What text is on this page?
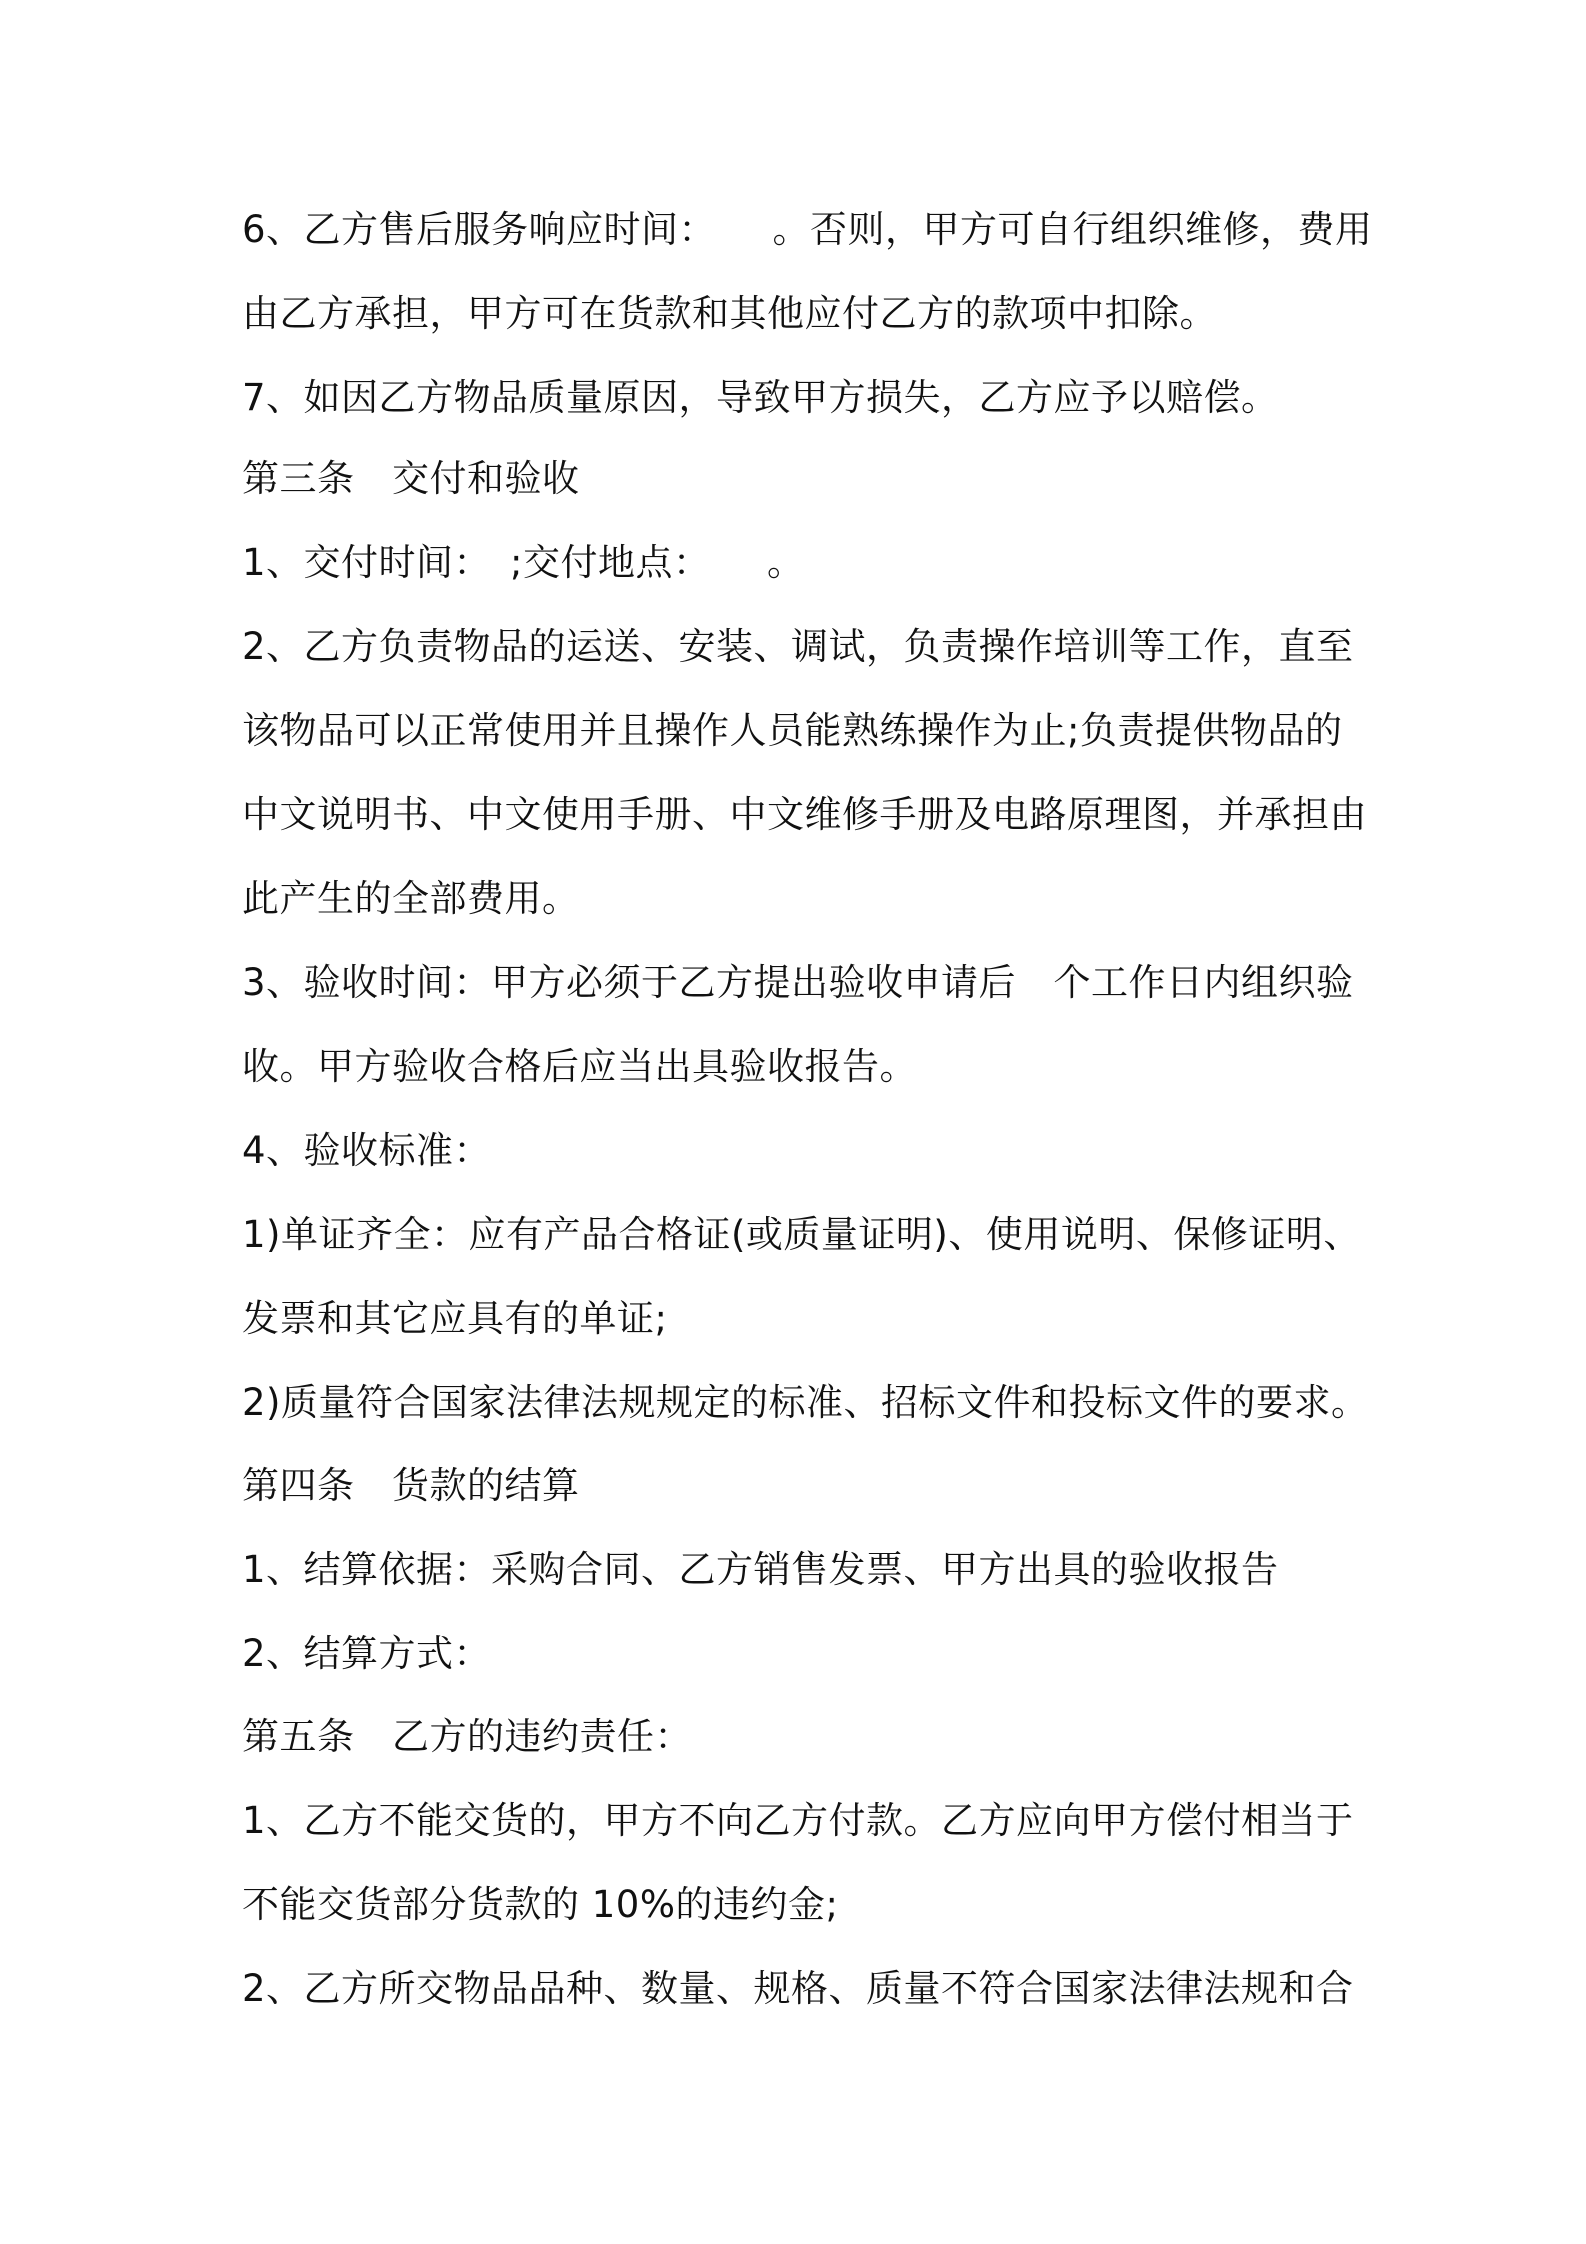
6、乙方售后服务响应时间：　　。否则，甲方可自行组织维修，费用
由乙方承担，甲方可在货款和其他应付乙方的款项中扣除。
7、如因乙方物品质量原因，导致甲方损失，乙方应予以赔偿。
第三条　交付和验收
1、交付时间：　;交付地点：　　。
2、乙方负责物品的运送、安装、调试，负责操作培训等工作，直至
该物品可以正常使用并且操作人员能熟练操作为止;负责提供物品的
中文说明书、中文使用手册、中文维修手册及电路原理图，并承担由
此产生的全部费用。
3、验收时间：甲方必须于乙方提出验收申请后　个工作日内组织验
收。甲方验收合格后应当出具验收报告。
4、验收标准：
1)单证齐全：应有产品合格证(或质量证明)、使用说明、保修证明、
发票和其它应具有的单证;
2)质量符合国家法律法规规定的标准、招标文件和投标文件的要求。
第四条　货款的结算
1、结算依据：采购合同、乙方销售发票、甲方出具的验收报告
2、结算方式：
第五条　乙方的违约责任：
1、乙方不能交货的，甲方不向乙方付款。乙方应向甲方偿付相当于
不能交货部分货款的 10%的违约金;
2、乙方所交物品品种、数量、规格、质量不符合国家法律法规和合
